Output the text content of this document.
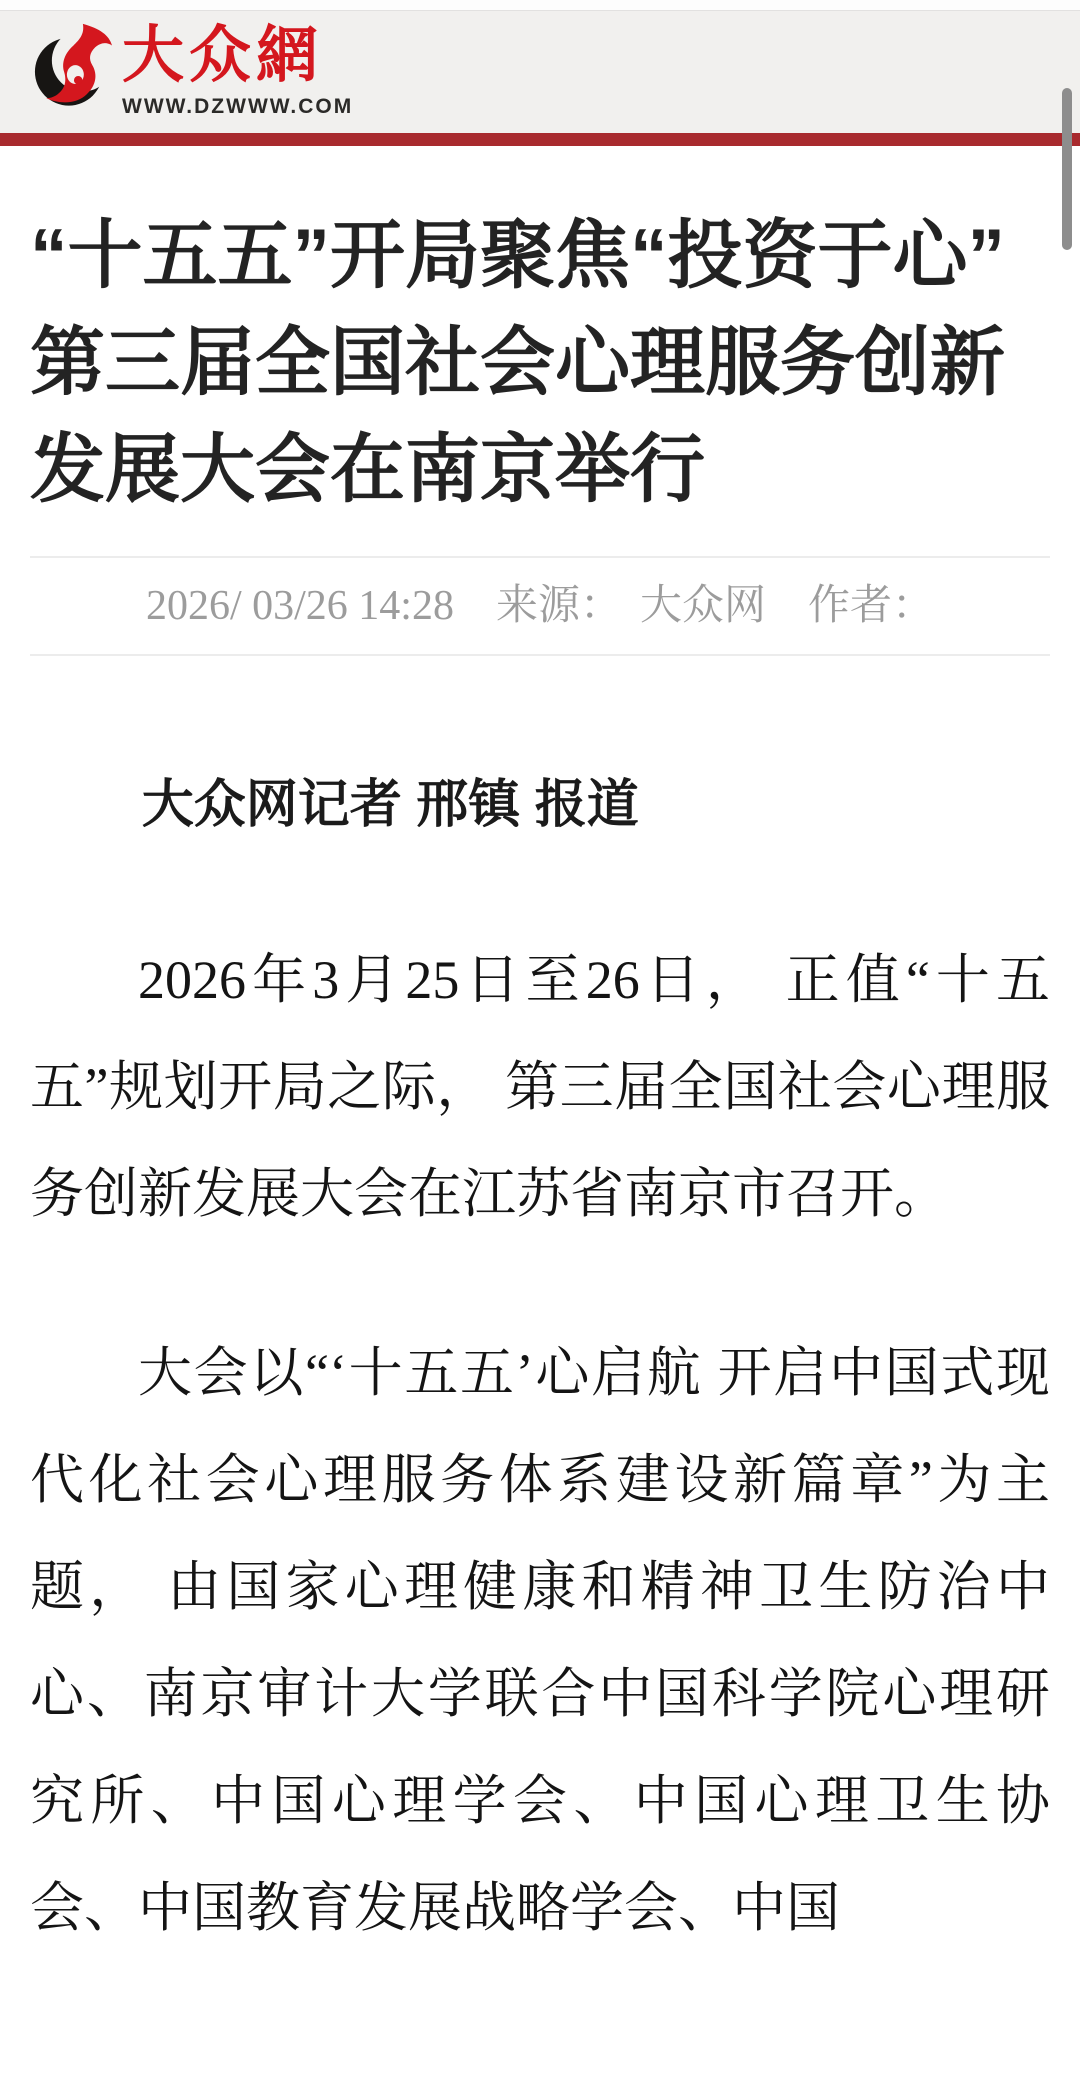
大众網
WWW.DZWWW.COM
“十五五”开局聚焦“投资于心” 第三届全国社会心理服务创新发展大会在南京举行
2026/ 03/26 14:28 来源： 大众网 作者：

大众网记者 邢镇 报道

2026年3月25日至26日， 正值“十五五”规划开局之际， 第三届全国社会心理服务创新发展大会在江苏省南京市召开。

大会以“‘十五五’心启航 开启中国式现代化社会心理服务体系建设新篇章”为主题， 由国家心理健康和精神卫生防治中心、南京审计大学联合中国科学院心理研究所、中国心理学会、中国心理卫生协会、中国教育发展战略学会、中国
